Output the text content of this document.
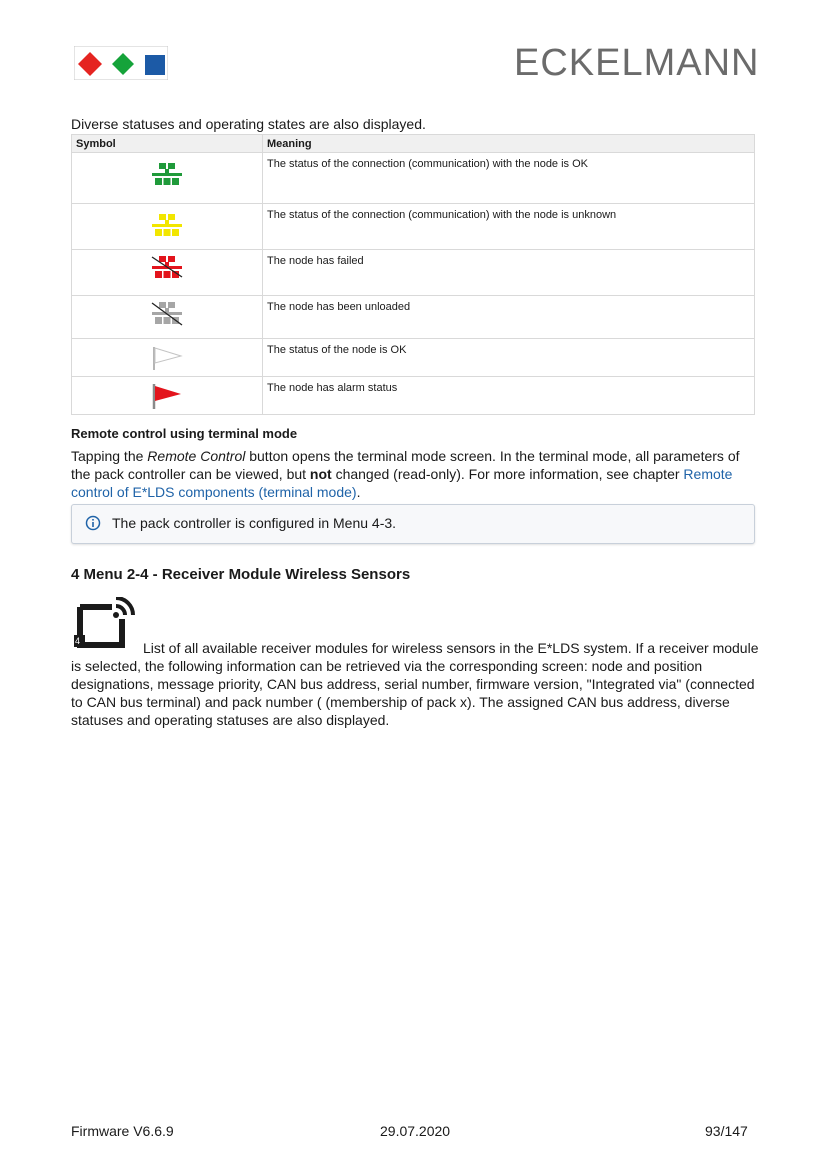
ECKELMANN
Diverse statuses and operating states are also displayed.
Symbol	Meaning

	The status of the connection (communication) with the node is OK

	The status of the connection (communication) with the node is unknown

	The node has failed

	The node has been unloaded

	The status of the node is OK

	The node has alarm status
Remote control using terminal mode
Tapping the Remote Control button opens the terminal mode screen. In the terminal mode, all parameters of the pack controller can be viewed, but not changed (read-only). For more information, see chapter Remote control of E*LDS components (terminal mode).
The pack controller is configured in Menu 4-3.
4 Menu 2-4 - Receiver Module Wireless Sensors
4	List of all available receiver modules for wireless sensors in the E*LDS system. If a receiver module is selected, the following information can be retrieved via the corresponding screen: node and position designations, message priority, CAN bus address, serial number, firmware version, "Integrated via" (connected to CAN bus terminal) and pack number ( (membership of pack x). The assigned CAN bus address, diverse statuses and operating statuses are also displayed.
Firmware V6.6.9	29.07.2020	93/147
